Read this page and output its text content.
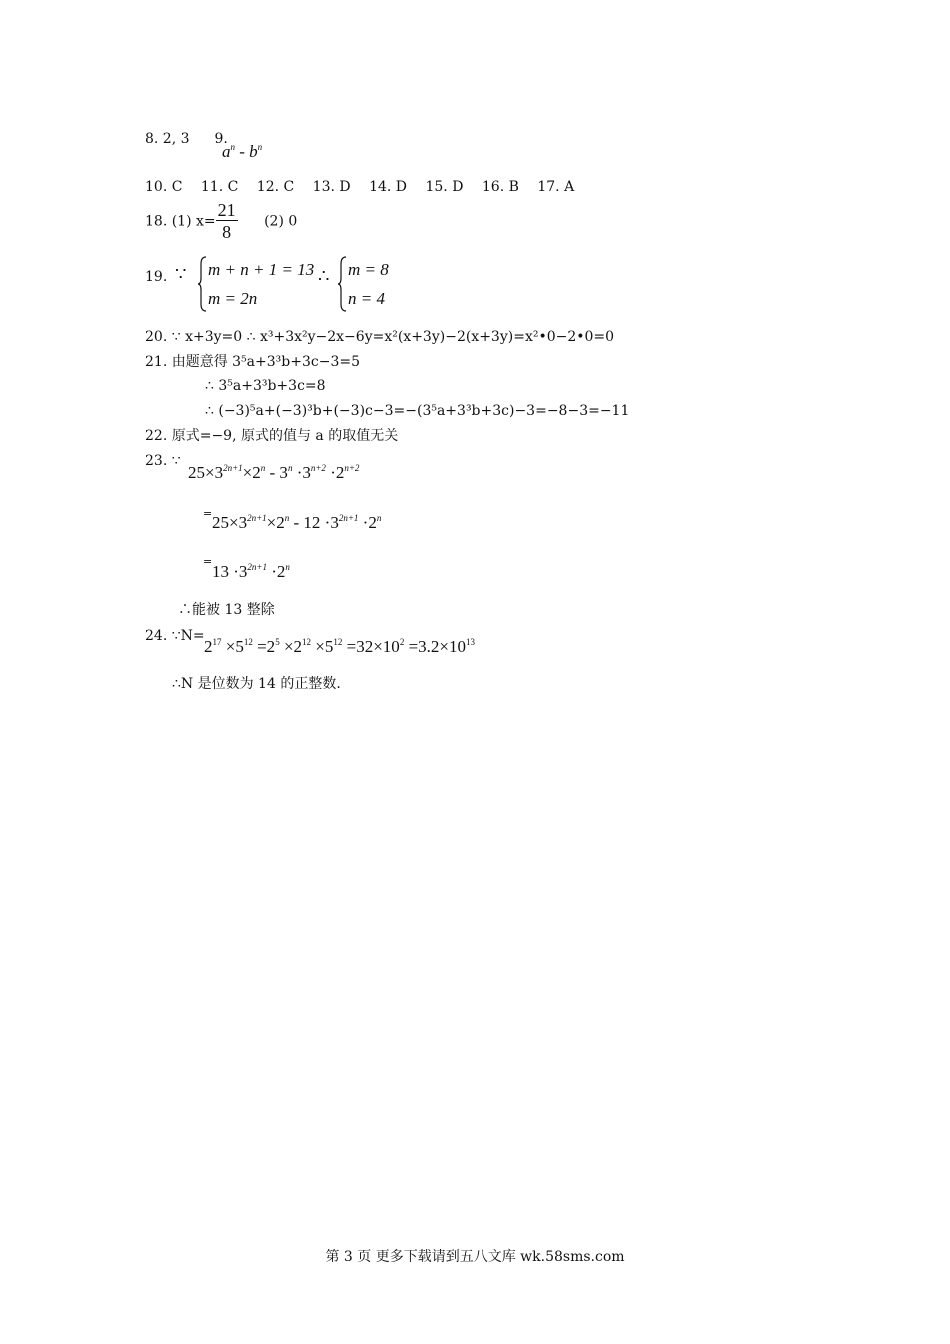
8. 2, 3 9.
$a^n - b^n$
10. C 11. C 12. C 13. D 14. D 15. D 16. B 17. A
18. (1) $x= \frac{21}{8} (2)$ 0
19. ∵ m + n + 1 = 13
m = 2n
∴ m = 8
n = 4
20. ∵ x+3y=0 ∴ x³+3x²y−2x−6y=x²(x+3y)−2(x+3y)=x²•0−2•0=0
21. 由题意得 3⁵a+3³b+3c−3=5
∴ 3⁵a+3³b+3c=8
∴ (−3)⁵a+(−3)³b+(−3)c−3=−(3⁵a+3³b+3c)−3=−8−3=−11
22. 原式=−9, 原式的值与 a 的取值无关
23. ∵
$25\times 3^{2n+1}\times 2^n - 3^n \cdot 3^{n+2} \cdot 2^{n+2}$
= $25\times 3^{2n+1}\times 2^n - 12 \cdot 3^{2n+1} \cdot 2^n$
=
$13 \cdot 3^{2n+1} \cdot 2^n$
∴能被 13 整除
24. ∵N=
$2^{17} \times 5^{12} =2^5 \times 2^{12} \times 5^{12} =32\times 10^2 =3.2\times 10^{13}$
∴N 是位数为 14 的正整数.
第 3 页 更多下载请到五八文库 wk.58sms.com
